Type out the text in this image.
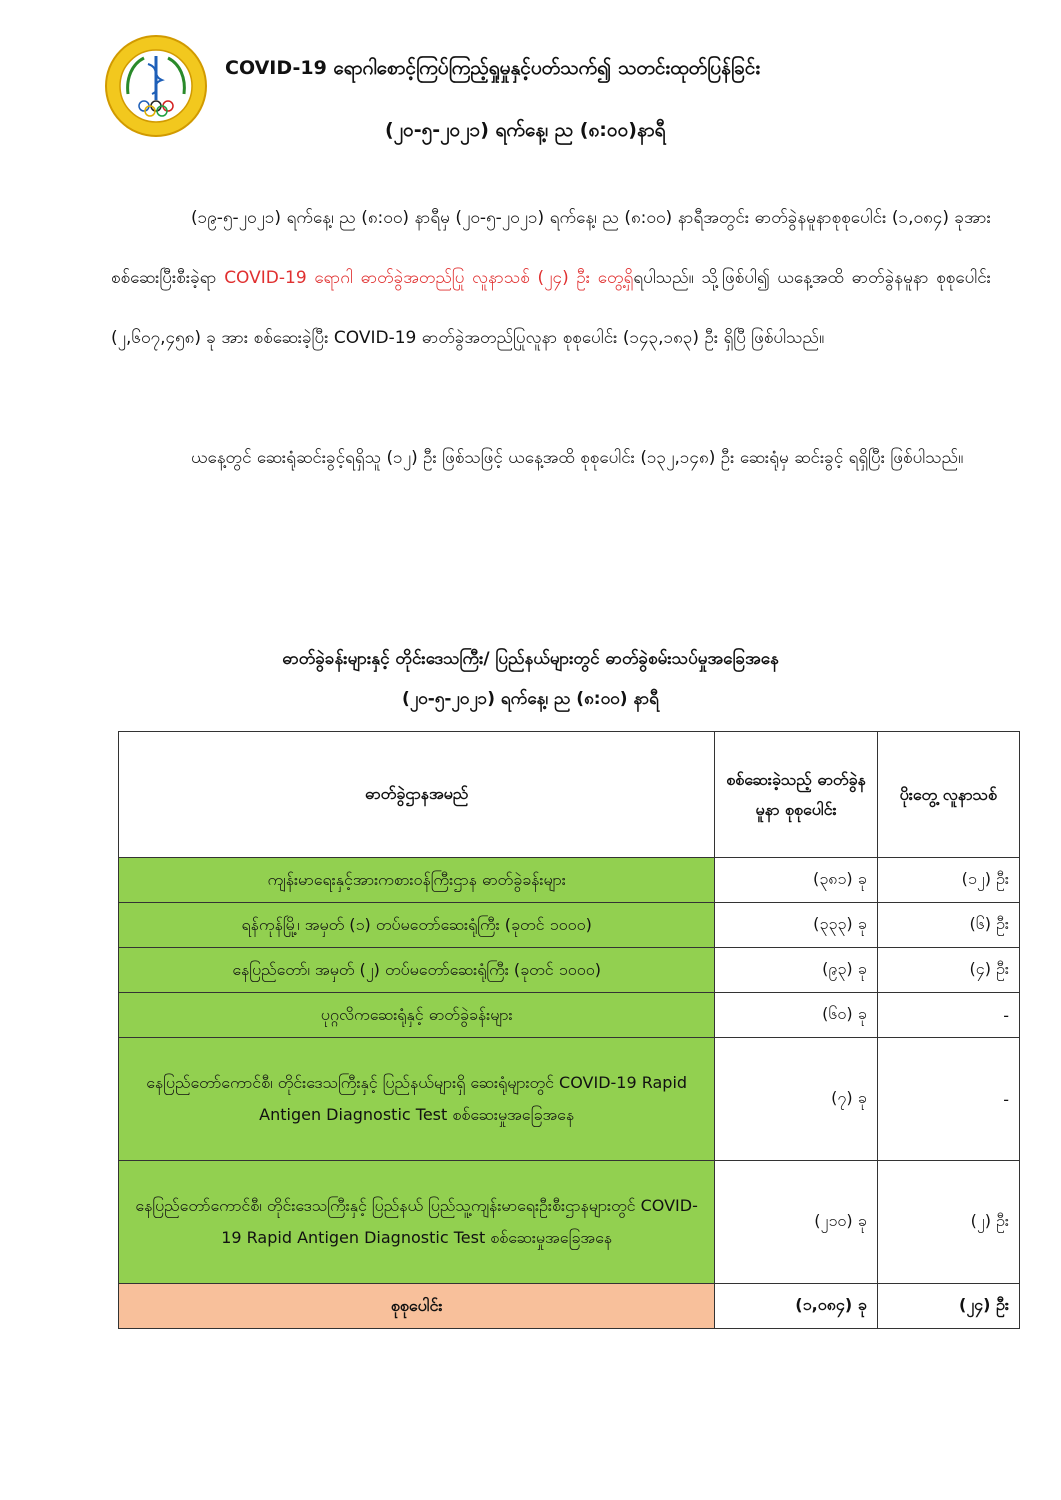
COVID-19 ရောဂါစောင့်ကြပ်ကြည့်ရှုမှုနှင့်ပတ်သက်၍ သတင်းထုတ်ပြန်ခြင်း
(၂၀-၅-၂၀၂၁) ရက်နေ့၊ ည (၈:၀၀)နာရီ
(၁၉-၅-၂၀၂၁) ရက်နေ့၊ ည (၈:၀၀) နာရီမှ (၂၀-၅-၂၀၂၁) ရက်နေ့၊ ည (၈:၀၀) နာရီအတွင်း ဓာတ်ခွဲနမူနာစုစုပေါင်း (၁,၀၈၄) ခုအား စစ်ဆေးပြီးစီးခဲ့ရာ COVID-19 ရောဂါ ဓာတ်ခွဲအတည်ပြု လူနာသစ် (၂၄) ဦး တွေ့ရှိရပါသည်။ သို့ဖြစ်ပါ၍ ယနေ့အထိ ဓာတ်ခွဲနမူနာ စုစုပေါင်း (၂,၆၀၇,၄၅၈) ခု အား စစ်ဆေးခဲ့ပြီး COVID-19 ဓာတ်ခွဲအတည်ပြုလူနာ စုစုပေါင်း (၁၄၃,၁၈၃) ဦး ရှိပြီ ဖြစ်ပါသည်။
ယနေ့တွင် ဆေးရုံဆင်းခွင့်ရရှိသူ (၁၂) ဦး ဖြစ်သဖြင့် ယနေ့အထိ စုစုပေါင်း (၁၃၂,၁၄၈) ဦး ဆေးရုံမှ ဆင်းခွင့် ရရှိပြီး ဖြစ်ပါသည်။
ဓာတ်ခွဲခန်းများနှင့် တိုင်းဒေသကြီး/ ပြည်နယ်များတွင် ဓာတ်ခွဲစမ်းသပ်မှုအခြေအနေ
(၂၀-၅-၂၀၂၁) ရက်နေ့၊ ည (၈:၀၀) နာရီ
ဓာတ်ခွဲဌာနအမည်	စစ်ဆေးခဲ့သည့် ဓာတ်ခွဲနမူနာ စုစုပေါင်း	ပိုးတွေ့ လူနာသစ်
ကျန်းမာရေးနှင့်အားကစားဝန်ကြီးဌာန ဓာတ်ခွဲခန်းများ	(၃၈၁) ခု	(၁၂) ဦး
ရန်ကုန်မြို့၊ အမှတ် (၁) တပ်မတော်ဆေးရုံကြီး (ခုတင် ၁၀၀၀)	(၃၃၃) ခု	(၆) ဦး
နေပြည်တော်၊ အမှတ် (၂) တပ်မတော်ဆေးရုံကြီး (ခုတင် ၁၀၀၀)	(၉၃) ခု	(၄) ဦး
ပုဂ္ဂလိကဆေးရုံနှင့် ဓာတ်ခွဲခန်းများ	(၆၀) ခု	-
နေပြည်တော်ကောင်စီ၊ တိုင်းဒေသကြီးနှင့် ပြည်နယ်များရှိ ဆေးရုံများတွင် COVID-19 Rapid Antigen Diagnostic Test စစ်ဆေးမှုအခြေအနေ	(၇) ခု	-
နေပြည်တော်ကောင်စီ၊ တိုင်းဒေသကြီးနှင့် ပြည်နယ် ပြည်သူ့ကျန်းမာရေးဦးစီးဌာနများတွင် COVID-19 Rapid Antigen Diagnostic Test စစ်ဆေးမှုအခြေအနေ	(၂၁၀) ခု	(၂) ဦး
စုစုပေါင်း	(၁,၀၈၄) ခု	(၂၄) ဦး
